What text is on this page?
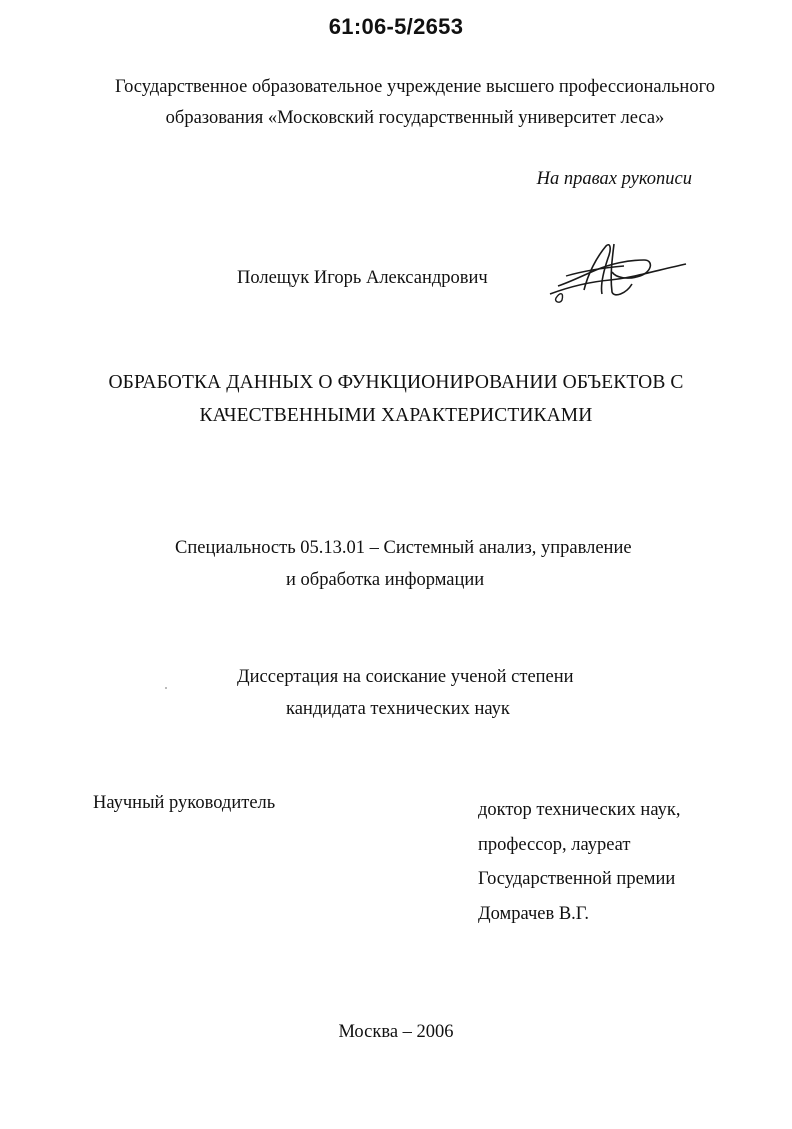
61:06-5/2653
Государственное образовательное учреждение высшего профессионального
образования «Московский государственный университет леса»
На правах рукописи
Полещук Игорь Александрович
ОБРАБОТКА ДАННЫХ О ФУНКЦИОНИРОВАНИИ ОБЪЕКТОВ С
КАЧЕСТВЕННЫМИ ХАРАКТЕРИСТИКАМИ
Специальность 05.13.01 – Системный анализ, управление
и обработка информации
Диссертация на соискание ученой степени
кандидата технических наук
Научный руководитель	доктор технических наук,
профессор, лауреат
Государственной премии
Домрачев В.Г.
Москва – 2006
